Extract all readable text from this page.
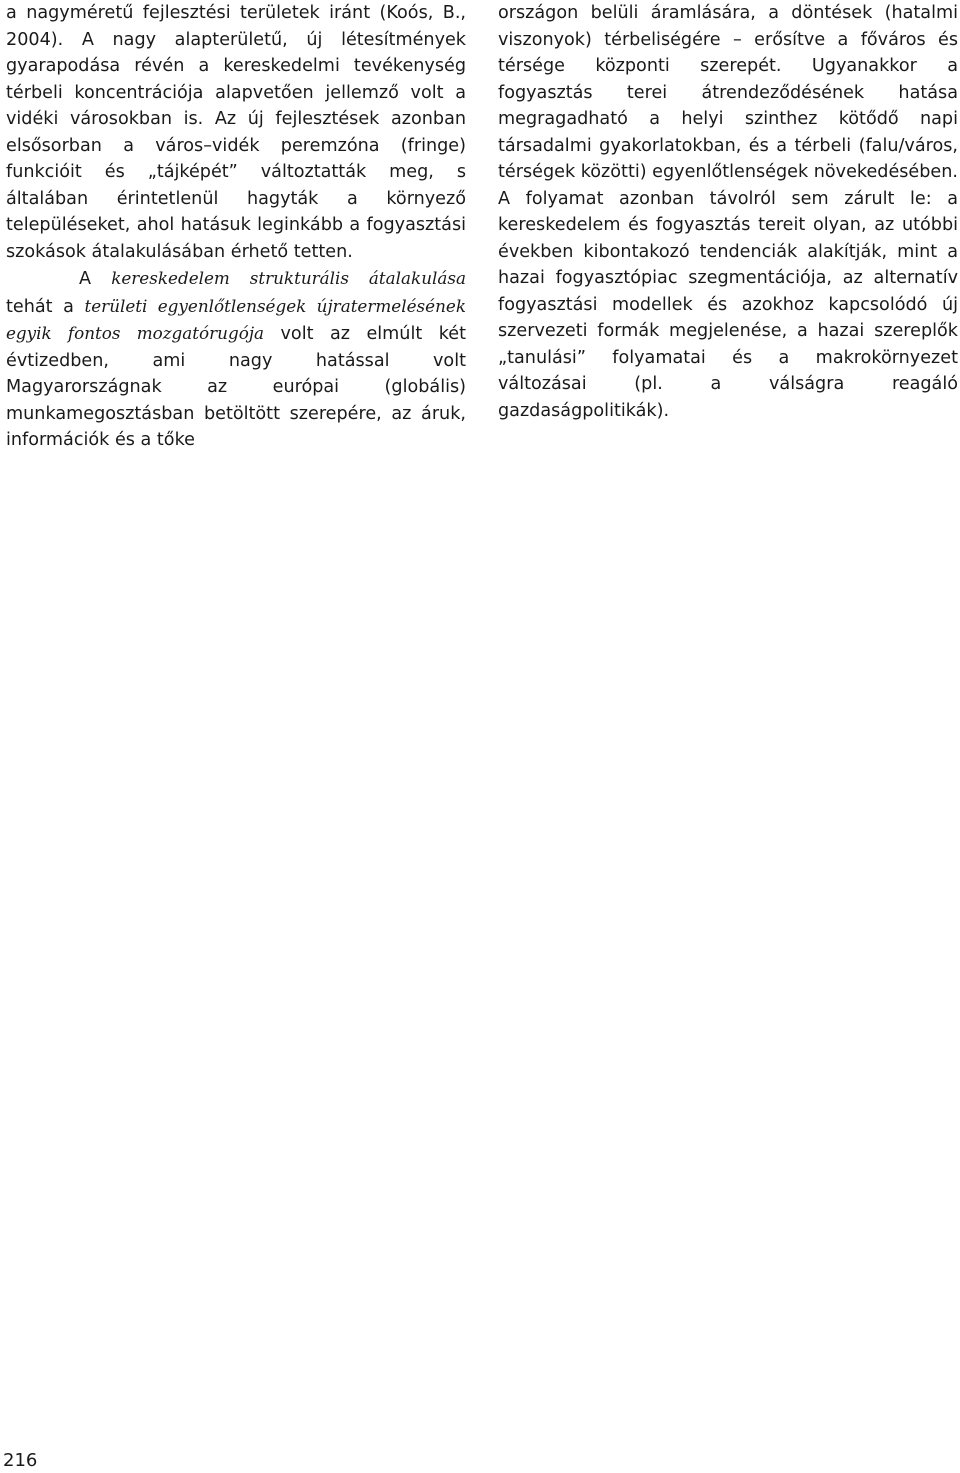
a nagyméretű fejlesztési területek iránt (Koós, B., 2004). A nagy alapterületű, új létesítmények gyarapodása révén a kereskedelmi tevékenység térbeli koncentrációja alapvetően jellemző volt a vidéki városokban is. Az új fejlesztések azonban elsősorban a város–vidék peremzóna (fringe) funkcióit és „tájképét” változtatták meg, s általában érintetlenül hagyták a környező településeket, ahol hatásuk leginkább a fogyasztási szokások átalakulásában érhető tetten.

A kereskedelem strukturális átalakulása tehát a területi egyenlőtlenségek újratermelésének egyik fontos mozgatórugója volt az elmúlt két évtizedben, ami nagy hatással volt Magyarországnak az európai (globális) munkamegosztásban betöltött szerepére, az áruk, információk és a tőke

országon belüli áramlására, a döntések (hatalmi viszonyok) térbeliségére – erősítve a főváros és térsége központi szerepét. Ugyanakkor a fogyasztás terei átrendeződésének hatása megragadható a helyi szinthez kötődő napi társadalmi gyakorlatokban, és a térbeli (falu/város, térségek közötti) egyenlőtlenségek növekedésében.

A folyamat azonban távolról sem zárult le: a kereskedelem és fogyasztás tereit olyan, az utóbbi években kibontakozó tendenciák alakítják, mint a hazai fogyasztópiac szegmentációja, az alternatív fogyasztási modellek és azokhoz kapcsolódó új szervezeti formák megjelenése, a hazai szereplők „tanulási” folyamatai és a makrokörnyezet változásai (pl. a válságra reagáló gazdaságpolitikák).

216
